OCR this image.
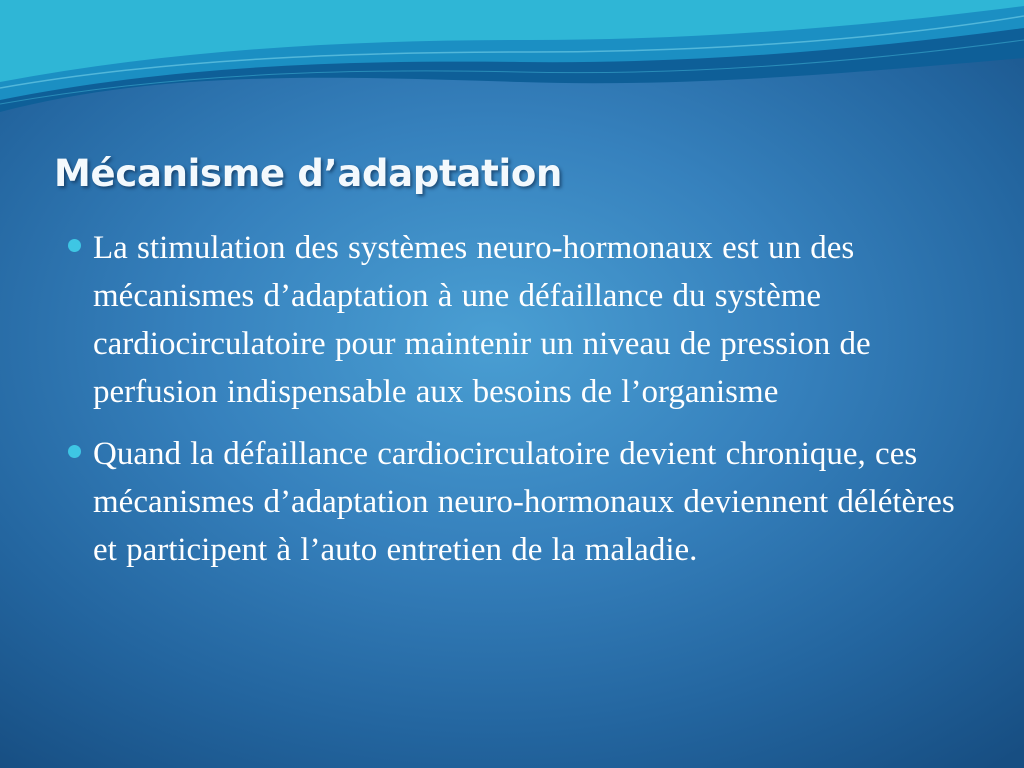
Mécanisme d’adaptation
La stimulation des systèmes neuro-hormonaux est un des mécanismes d’adaptation à une défaillance du système cardiocirculatoire pour maintenir un niveau de pression de perfusion indispensable aux besoins de l’organisme
Quand la défaillance cardiocirculatoire devient chronique, ces mécanismes d’adaptation neuro-hormonaux deviennent délétères et participent à l’auto entretien de la maladie.
